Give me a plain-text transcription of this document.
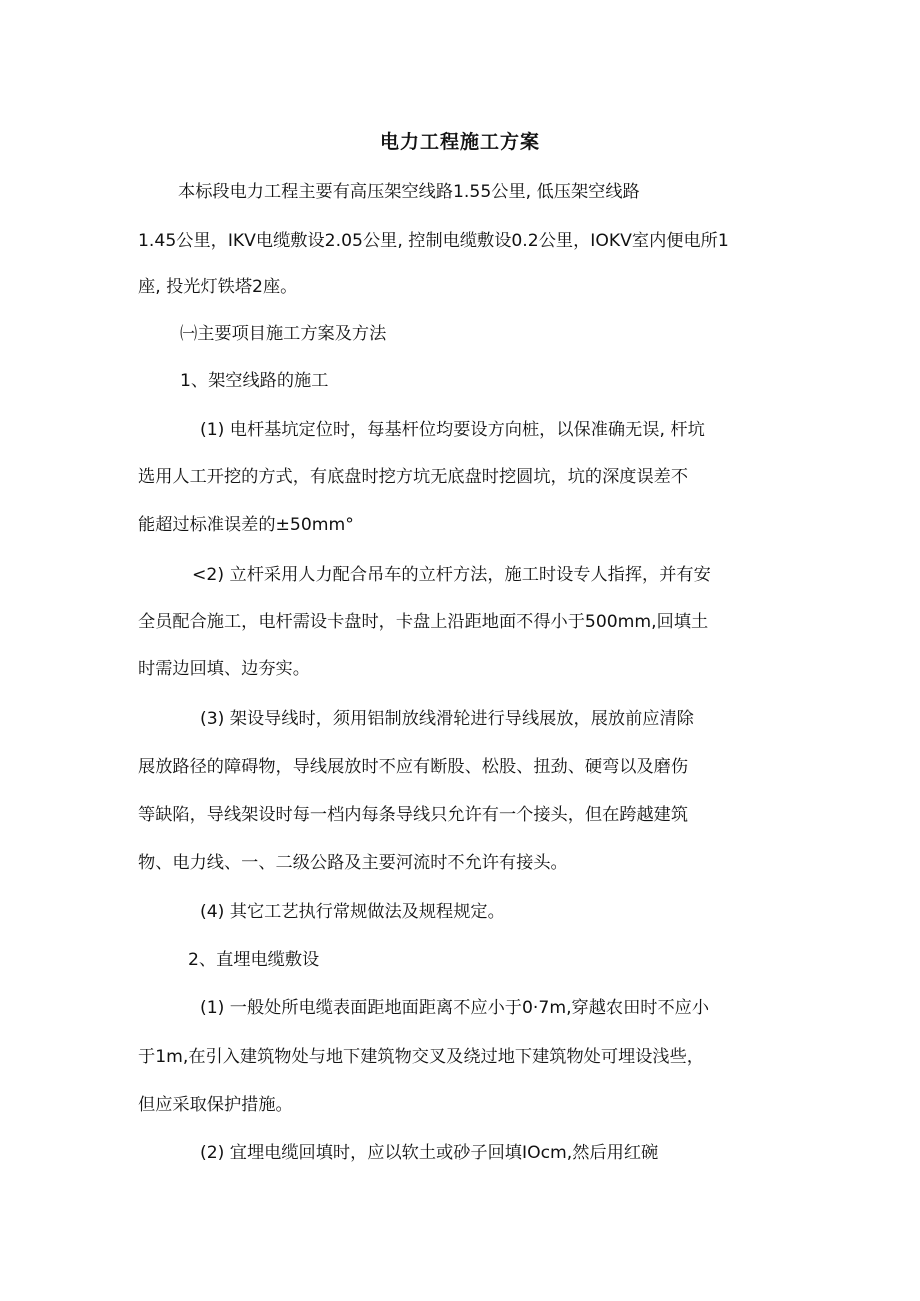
电力工程施工方案
本标段电力工程主要有高压架空线路1.55公里, 低压架空线路
1.45公里，IKV电缆敷设2.05公里, 控制电缆敷设0.2公里，IOKV室内便电所1
座, 投光灯铁塔2座。
㈠主要项目施工方案及方法
1、架空线路的施工
(1) 电杆基坑定位时，每基杆位均要设方向桩，以保准确无误, 杆坑
选用人工开挖的方式，有底盘时挖方坑无底盘时挖圆坑，坑的深度误差不
能超过标准误差的±50mm°
<2) 立杆采用人力配合吊车的立杆方法，施工时设专人指挥，并有安
全员配合施工，电杆需设卡盘时，卡盘上沿距地面不得小于500mm,回填土
时需边回填、边夯实。
(3) 架设导线时，须用铝制放线滑轮进行导线展放，展放前应清除
展放路径的障碍物，导线展放时不应有断股、松股、扭劲、硬弯以及磨伤
等缺陷，导线架设时每一档内每条导线只允许有一个接头，但在跨越建筑
物、电力线、一、二级公路及主要河流时不允许有接头。
(4) 其它工艺执行常规做法及规程规定。
2、直埋电缆敷设
(1) 一般处所电缆表面距地面距离不应小于0·7m,穿越农田时不应小
于1m,在引入建筑物处与地下建筑物交叉及绕过地下建筑物处可埋设浅些，
但应采取保护措施。
(2) 宜埋电缆回填时，应以软土或砂子回填IOcm,然后用红碗
